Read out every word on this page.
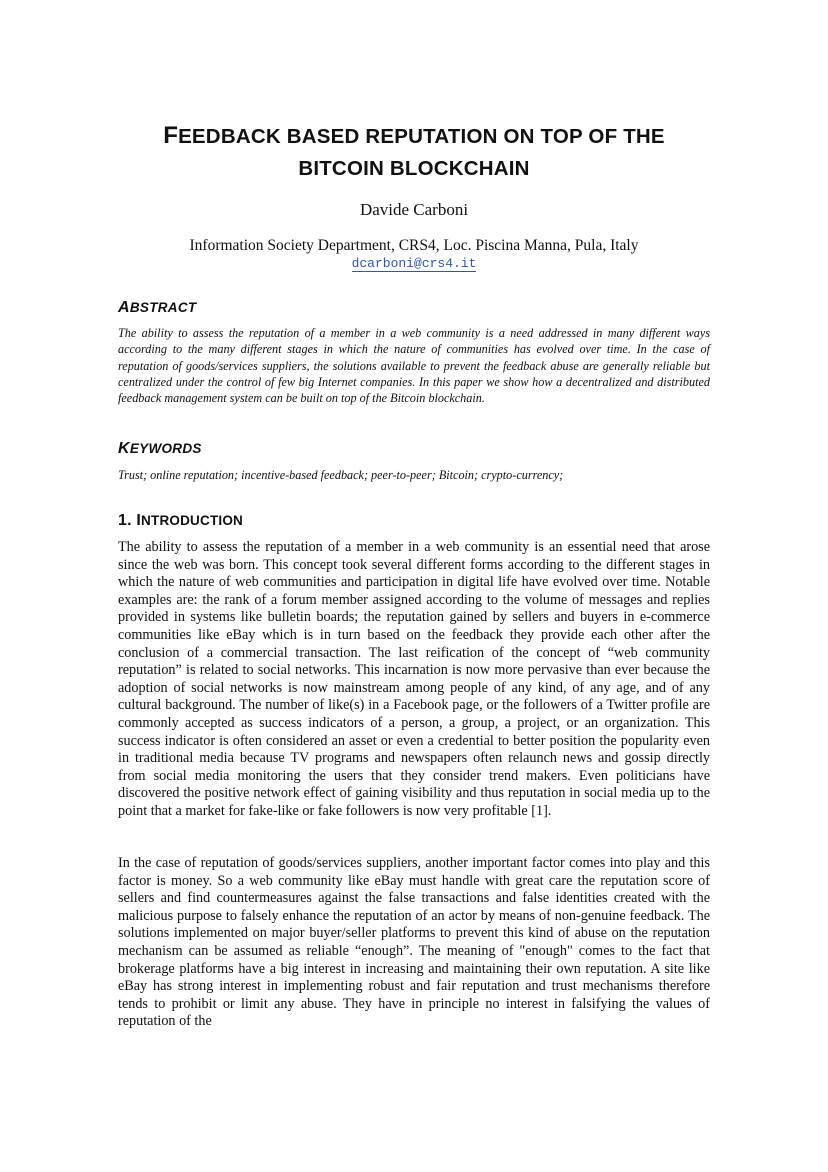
FEEDBACK BASED REPUTATION ON TOP OF THE
BITCOIN BLOCKCHAIN
Davide Carboni
Information Society Department, CRS4, Loc. Piscina Manna, Pula, Italy
dcarboni@crs4.it
ABSTRACT
The ability to assess the reputation of a member in a web community is a need addressed in many different ways according to the many different stages in which the nature of communities has evolved over time. In the case of reputation of goods/services suppliers, the solutions available to prevent the feedback abuse are generally reliable but centralized under the control of few big Internet companies. In this paper we show how a decentralized and distributed feedback management system can be built on top of the Bitcoin blockchain.
KEYWORDS
Trust; online reputation; incentive-based feedback; peer-to-peer; Bitcoin; crypto-currency;
1. INTRODUCTION
The ability to assess the reputation of a member in a web community is an essential need that arose since the web was born. This concept took several different forms according to the different stages in which the nature of web communities and participation in digital life have evolved over time. Notable examples are: the rank of a forum member assigned according to the volume of messages and replies provided in systems like bulletin boards; the reputation gained by sellers and buyers in e-commerce communities like eBay which is in turn based on the feedback they provide each other after the conclusion of a commercial transaction. The last reification of the concept of “web community reputation” is related to social networks. This incarnation is now more pervasive than ever because the adoption of social networks is now mainstream among people of any kind, of any age, and of any cultural background. The number of like(s) in a Facebook page, or the followers of a Twitter profile are commonly accepted as success indicators of a person, a group, a project, or an organization. This success indicator is often considered an asset or even a credential to better position the popularity even in traditional media because TV programs and newspapers often relaunch news and gossip directly from social media monitoring the users that they consider trend makers. Even politicians have discovered the positive network effect of gaining visibility and thus reputation in social media up to the point that a market for fake-like or fake followers is now very profitable [1].
In the case of reputation of goods/services suppliers, another important factor comes into play and this factor is money. So a web community like eBay must handle with great care the reputation score of sellers and find countermeasures against the false transactions and false identities created with the malicious purpose to falsely enhance the reputation of an actor by means of non-genuine feedback. The solutions implemented on major buyer/seller platforms to prevent this kind of abuse on the reputation mechanism can be assumed as reliable “enough”. The meaning of "enough" comes to the fact that brokerage platforms have a big interest in increasing and maintaining their own reputation. A site like eBay has strong interest in implementing robust and fair reputation and trust mechanisms therefore tends to prohibit or limit any abuse. They have in principle no interest in falsifying the values of reputation of the
